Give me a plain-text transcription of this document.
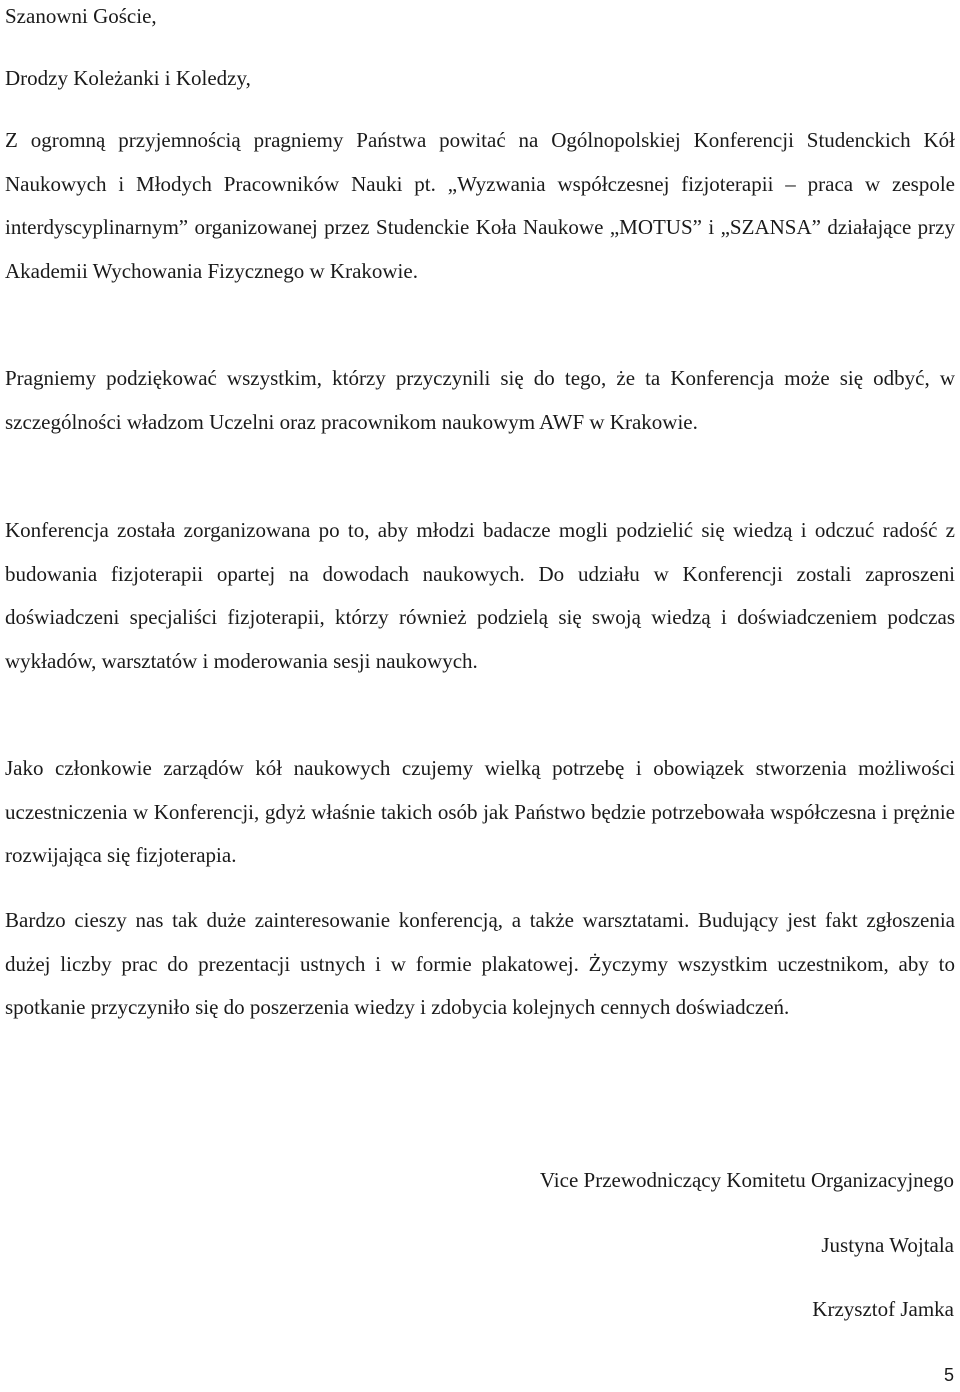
Szanowni Goście,

Drodzy Koleżanki i Koledzy,

Z ogromną przyjemnością pragniemy Państwa powitać na Ogólnopolskiej Konferencji Studenckich Kół Naukowych i Młodych Pracowników Nauki pt. „Wyzwania współczesnej fizjoterapii – praca w zespole interdyscyplinarnym” organizowanej przez Studenckie Koła Naukowe „MOTUS” i „SZANSA” działające przy Akademii Wychowania Fizycznego w Krakowie.

Pragniemy podziękować wszystkim, którzy przyczynili się do tego, że ta Konferencja może się odbyć, w szczególności władzom Uczelni oraz pracownikom naukowym AWF w Krakowie.

Konferencja została zorganizowana po to, aby młodzi badacze mogli podzielić się wiedzą i odczuć radość z budowania fizjoterapii opartej na dowodach naukowych. Do udziału w Konferencji zostali zaproszeni doświadczeni specjaliści fizjoterapii, którzy również podzielą się swoją wiedzą i doświadczeniem podczas wykładów, warsztatów i moderowania sesji naukowych.

Jako członkowie zarządów kół naukowych czujemy wielką potrzebę i obowiązek stworzenia możliwości uczestniczenia w Konferencji, gdyż właśnie takich osób jak Państwo będzie potrzebowała współczesna i prężnie rozwijająca się fizjoterapia.

Bardzo cieszy nas tak duże zainteresowanie konferencją, a także warsztatami. Budujący jest fakt zgłoszenia dużej liczby prac do prezentacji ustnych i w formie plakatowej. Życzymy wszystkim uczestnikom, aby to spotkanie przyczyniło się do poszerzenia wiedzy i zdobycia kolejnych cennych doświadczeń.

Vice Przewodniczący Komitetu Organizacyjnego

Justyna Wojtala

Krzysztof Jamka

5
